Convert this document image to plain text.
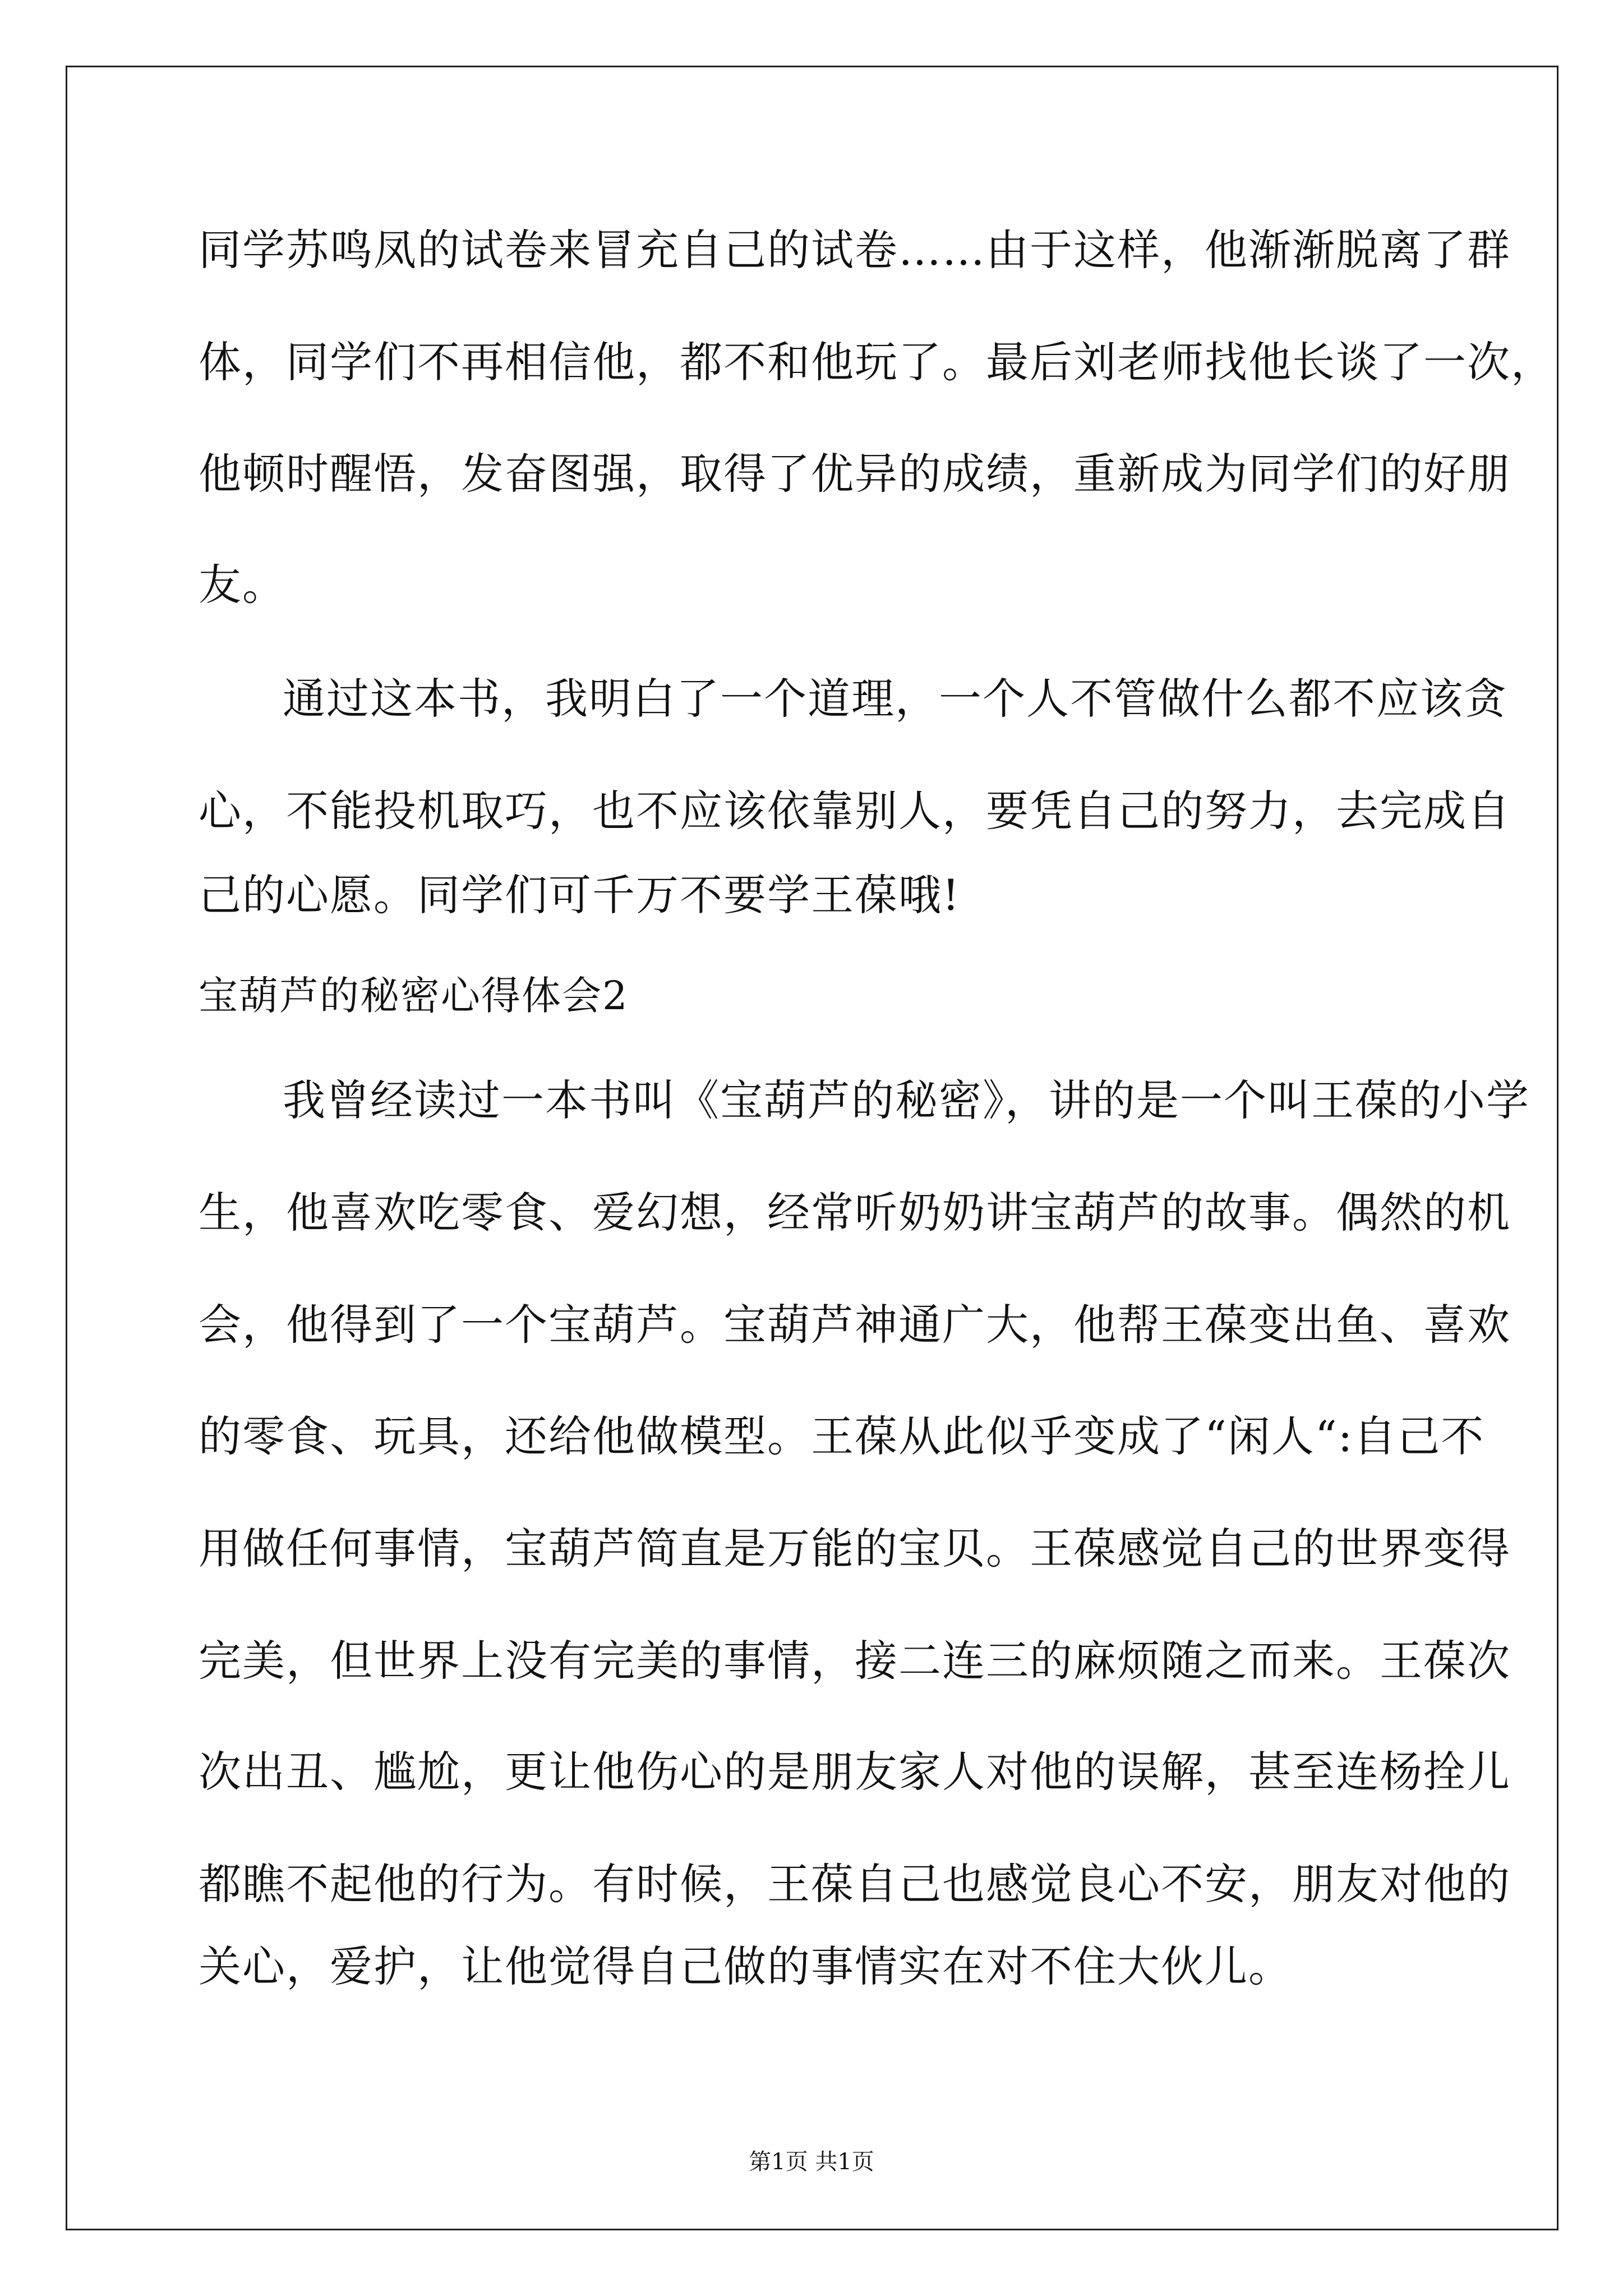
同学苏鸣凤的试卷来冒充自己的试卷……由于这样，他渐渐脱离了群
体，同学们不再相信他，都不和他玩了。最后刘老师找他长谈了一次，
他顿时醒悟，发奋图强，取得了优异的成绩，重新成为同学们的好朋
友。
通过这本书，我明白了一个道理，一个人不管做什么都不应该贪
心，不能投机取巧，也不应该依靠别人，要凭自己的努力，去完成自
己的心愿。同学们可千万不要学王葆哦!
宝葫芦的秘密心得体会2
我曾经读过一本书叫《宝葫芦的秘密》，讲的是一个叫王葆的小学
生，他喜欢吃零食、爱幻想，经常听奶奶讲宝葫芦的故事。偶然的机
会，他得到了一个宝葫芦。宝葫芦神通广大，他帮王葆变出鱼、喜欢
的零食、玩具，还给他做模型。王葆从此似乎变成了“闲人“:自己不
用做任何事情，宝葫芦简直是万能的宝贝。王葆感觉自己的世界变得
完美，但世界上没有完美的事情，接二连三的麻烦随之而来。王葆次
次出丑、尴尬，更让他伤心的是朋友家人对他的误解，甚至连杨拴儿
都瞧不起他的行为。有时候，王葆自己也感觉良心不安，朋友对他的
关心，爱护，让他觉得自己做的事情实在对不住大伙儿。
第1页 共1页
